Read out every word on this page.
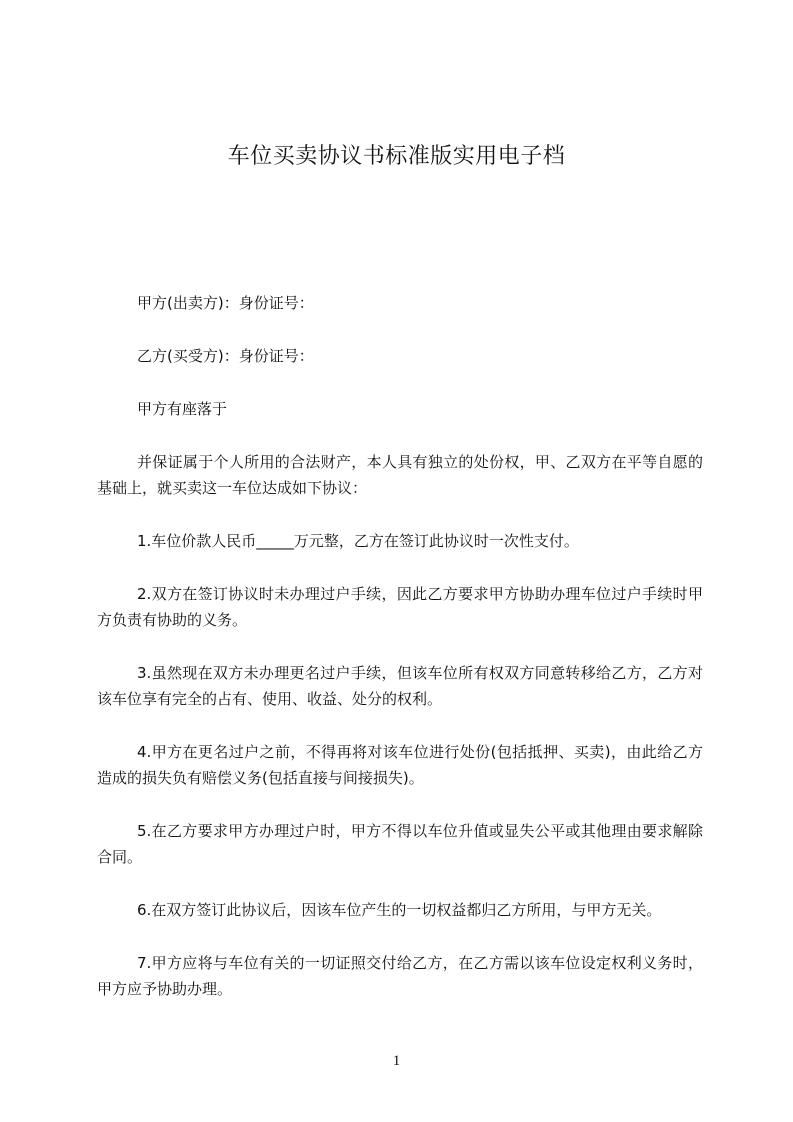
车位买卖协议书标准版实用电子档

甲方(出卖方)：身份证号：

乙方(买受方)：身份证号：

甲方有座落于

并保证属于个人所用的合法财产，本人具有独立的处份权，甲、乙双方在平等自愿的基础上，就买卖这一车位达成如下协议：

1.车位价款人民币_____万元整，乙方在签订此协议时一次性支付。

2.双方在签订协议时未办理过户手续，因此乙方要求甲方协助办理车位过户手续时甲方负责有协助的义务。

3.虽然现在双方未办理更名过户手续，但该车位所有权双方同意转移给乙方，乙方对该车位享有完全的占有、使用、收益、处分的权利。

4.甲方在更名过户之前，不得再将对该车位进行处份(包括抵押、买卖)，由此给乙方造成的损失负有赔偿义务(包括直接与间接损失)。

5.在乙方要求甲方办理过户时，甲方不得以车位升值或显失公平或其他理由要求解除合同。

6.在双方签订此协议后，因该车位产生的一切权益都归乙方所用，与甲方无关。

7.甲方应将与车位有关的一切证照交付给乙方，在乙方需以该车位设定权利义务时，甲方应予协助办理。

1
